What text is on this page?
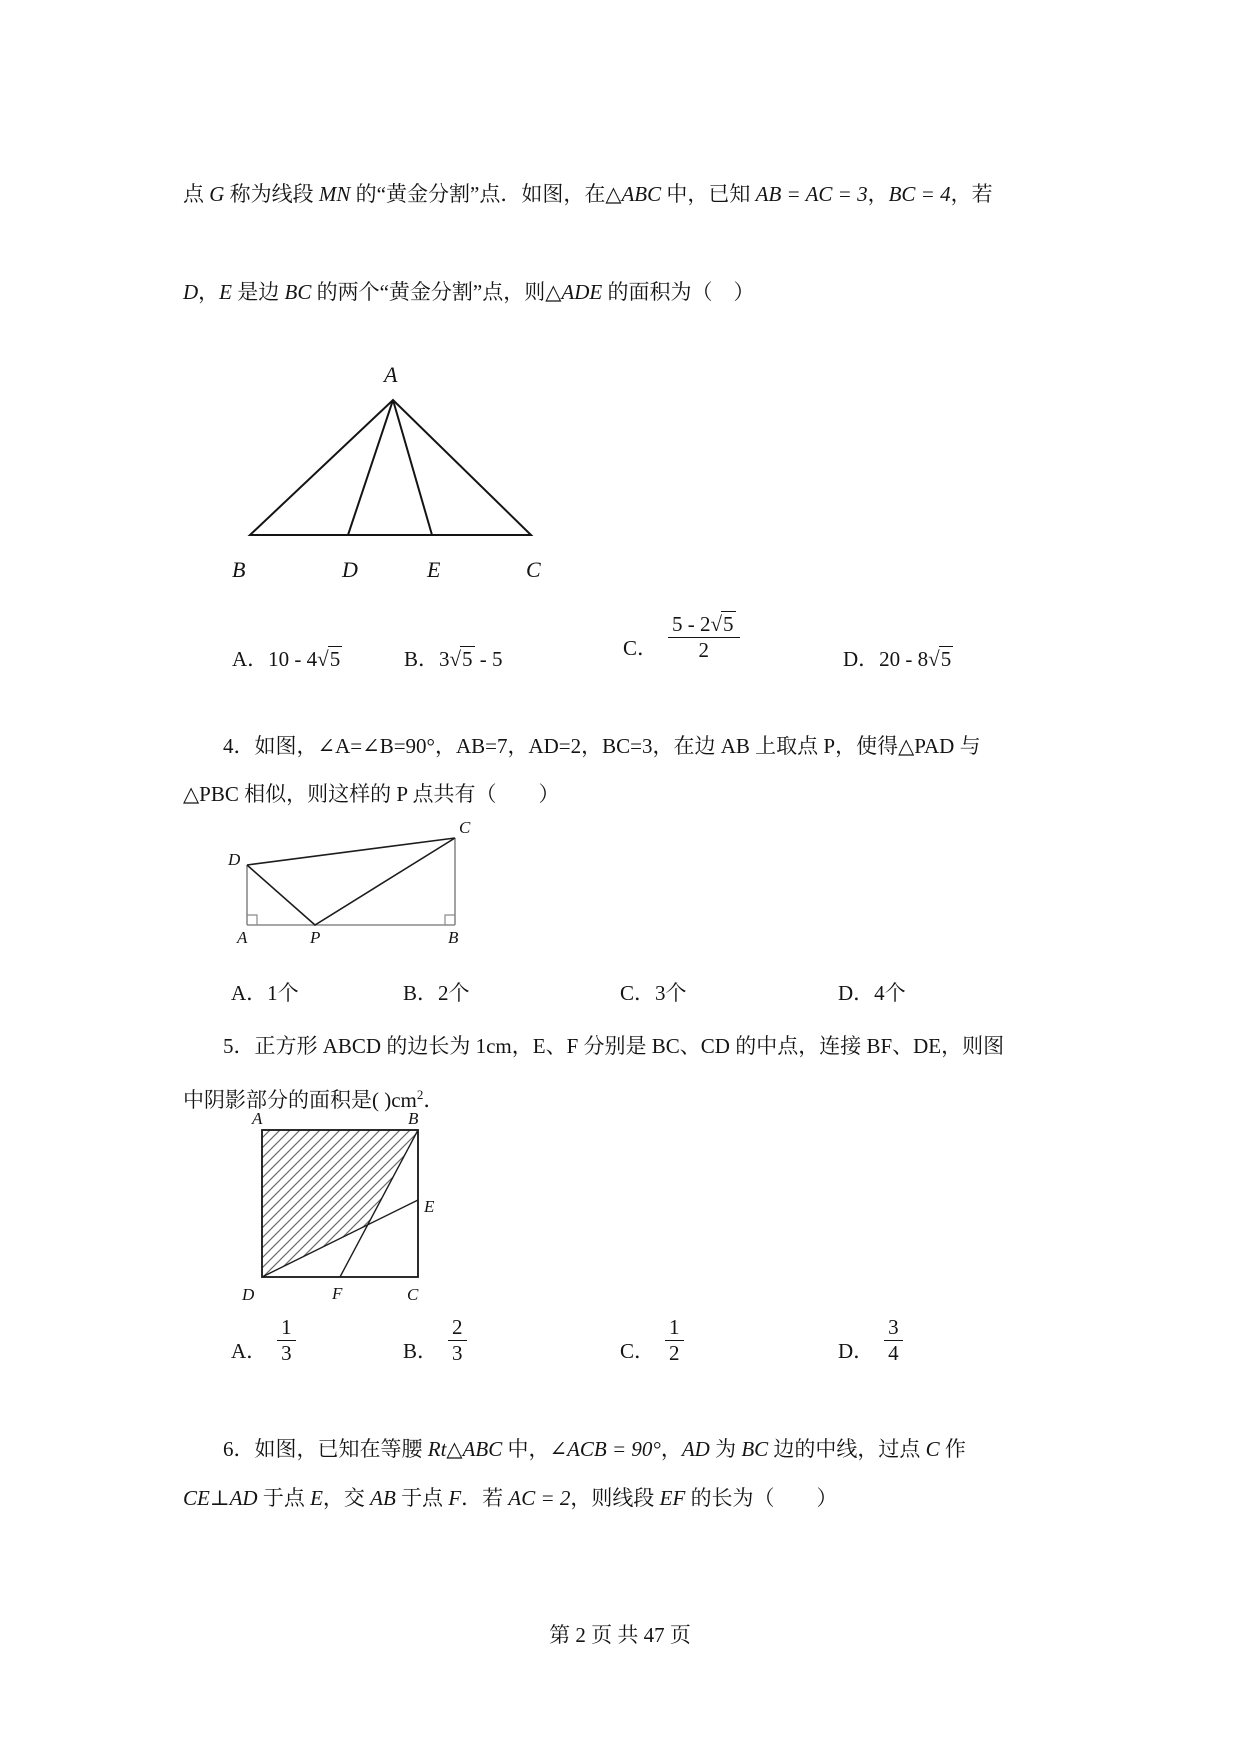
点 G 称为线段 MN 的“黄金分割”点．如图，在△ABC 中，已知 AB = AC = 3，BC = 4，若
D，E 是边 BC 的两个“黄金分割”点，则△ADE 的面积为（　）
A
B	D	E	C
A．10 - 4√5	B．3√5 - 5	C． $\frac{5 - 2√5}{2}$	D．20 - 8√5
4．如图，∠A=∠B=90°，AB=7，AD=2，BC=3，在边 AB 上取点 P，使得△PAD 与
△PBC 相似，则这样的 P 点共有（　　）
D
C
A	P	B
A．1个	B．2个	C．3个	D．4个
5．正方形 ABCD 的边长为 1cm，E、F 分别是 BC、CD 的中点，连接 BF、DE，则图
中阴影部分的面积是( )$cm^2$．
A	B
D	C
E
F
A． $\frac{1}{3}$	B． $\frac{2}{3}$	C． $\frac{1}{2}$	D． $\frac{3}{4}$
6．如图，已知在等腰 Rt△ABC 中，∠ACB = 90°，AD 为 BC 边的中线，过点 C 作
CE⊥AD 于点 E，交 AB 于点 F．若 AC = 2，则线段 EF 的长为（　　）
第 2 页 共 47 页
